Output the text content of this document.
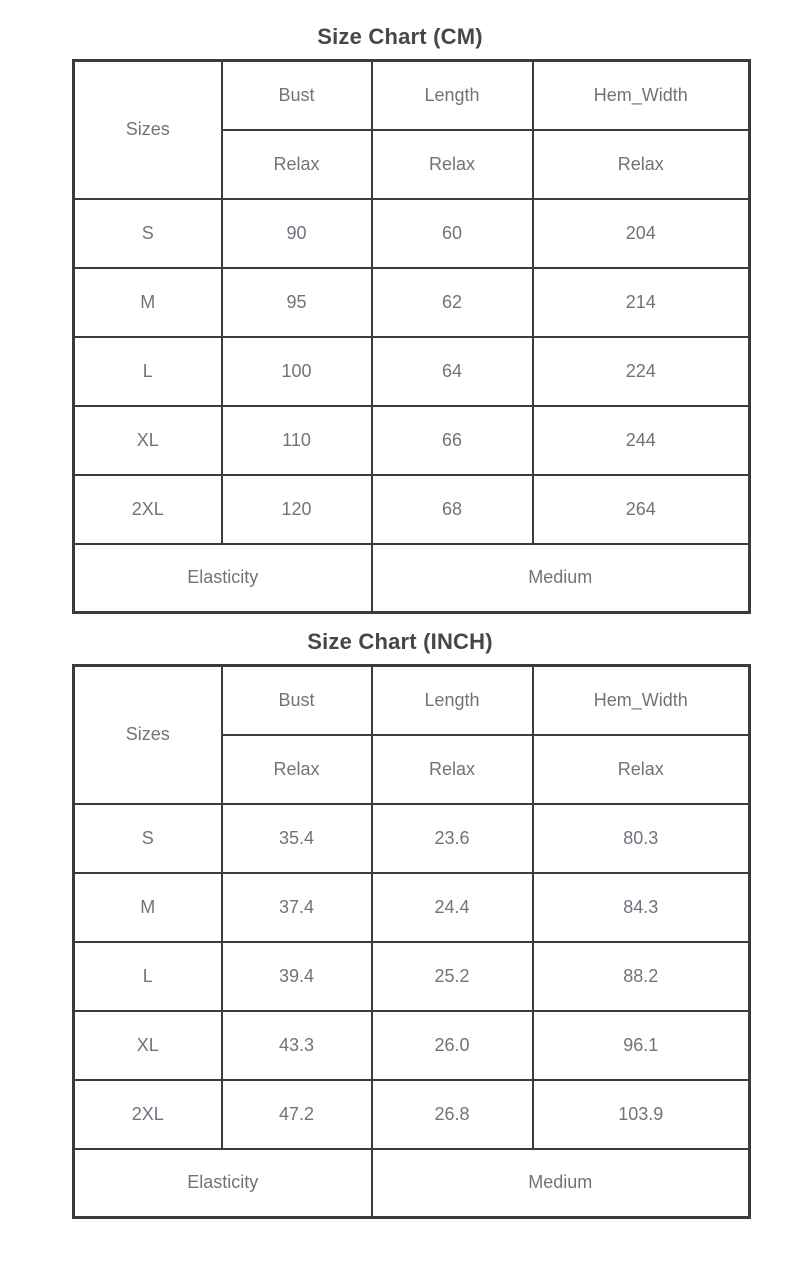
Size Chart (CM)
Sizes	Bust	Length	Hem_Width
	Relax	Relax	Relax
S	90	60	204
M	95	62	214
L	100	64	224
XL	110	66	244
2XL	120	68	264
Elasticity		Medium	
Size Chart (INCH)
Sizes	Bust	Length	Hem_Width
	Relax	Relax	Relax
S	35.4	23.6	80.3
M	37.4	24.4	84.3
L	39.4	25.2	88.2
XL	43.3	26.0	96.1
2XL	47.2	26.8	103.9
Elasticity		Medium	
